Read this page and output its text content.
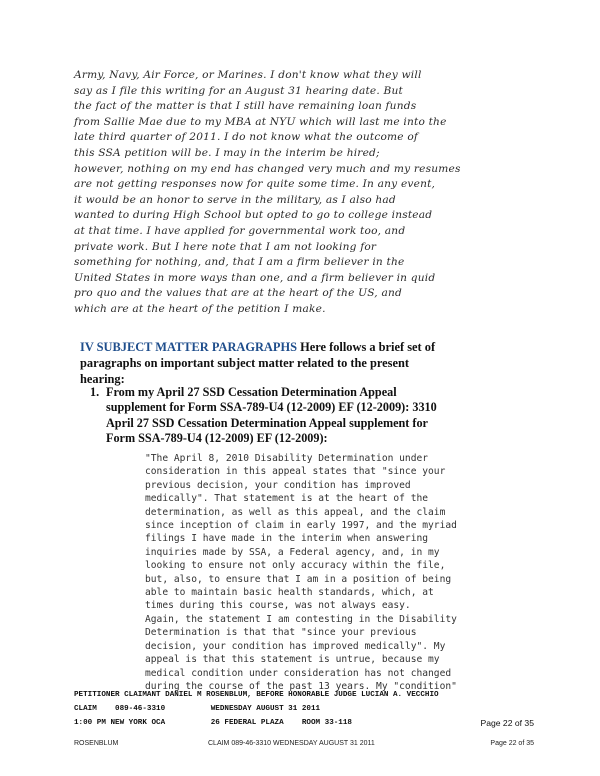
Army, Navy, Air Force, or Marines. I don't know what they will
say as I file this writing for an August 31 hearing date. But
the fact of the matter is that I still have remaining loan funds
from Sallie Mae due to my MBA at NYU which will last me into the
late third quarter of 2011. I do not know what the outcome of
this SSA petition will be. I may in the interim be hired;
however, nothing on my end has changed very much and my resumes
are not getting responses now for quite some time. In any event,
it would be an honor to serve in the military, as I also had
wanted to during High School but opted to go to college instead
at that time. I have applied for governmental work too, and
private work. But I here note that I am not looking for
something for nothing, and, that I am a firm believer in the
United States in more ways than one, and a firm believer in quid
pro quo and the values that are at the heart of the US, and
which are at the heart of the petition I make.
IV SUBJECT MATTER PARAGRAPHS Here follows a brief set of
paragraphs on important subject matter related to the present
hearing:
1. From my April 27 SSD Cessation Determination Appeal
supplement for Form SSA-789-U4 (12-2009) EF (12-2009): 3310
April 27 SSD Cessation Determination Appeal supplement for
Form SSA-789-U4 (12-2009) EF (12-2009):
"The April 8, 2010 Disability Determination under
consideration in this appeal states that "since your
previous decision, your condition has improved
medically". That statement is at the heart of the
determination, as well as this appeal, and the claim
since inception of claim in early 1997, and the myriad
filings I have made in the interim when answering
inquiries made by SSA, a Federal agency, and, in my
looking to ensure not only accuracy within the file,
but, also, to ensure that I am in a position of being
able to maintain basic health standards, which, at
times during this course, was not always easy.
Again, the statement I am contesting in the Disability
Determination is that that "since your previous
decision, your condition has improved medically". My
appeal is that this statement is untrue, because my
medical condition under consideration has not changed
during the course of the past 13 years. My "condition"
PETITIONER CLAIMANT DANIEL M ROSENBLUM, BEFORE HONORABLE JUDGE LUCIAN A. VECCHIO
CLAIM    089-46-3310          WEDNESDAY AUGUST 31 2011
1:00 PM NEW YORK OCA          26 FEDERAL PLAZA    ROOM 33-118	Page 22 of 35
ROSENBLUM	CLAIM 089-46-3310 WEDNESDAY AUGUST 31 2011	Page 22 of 35
